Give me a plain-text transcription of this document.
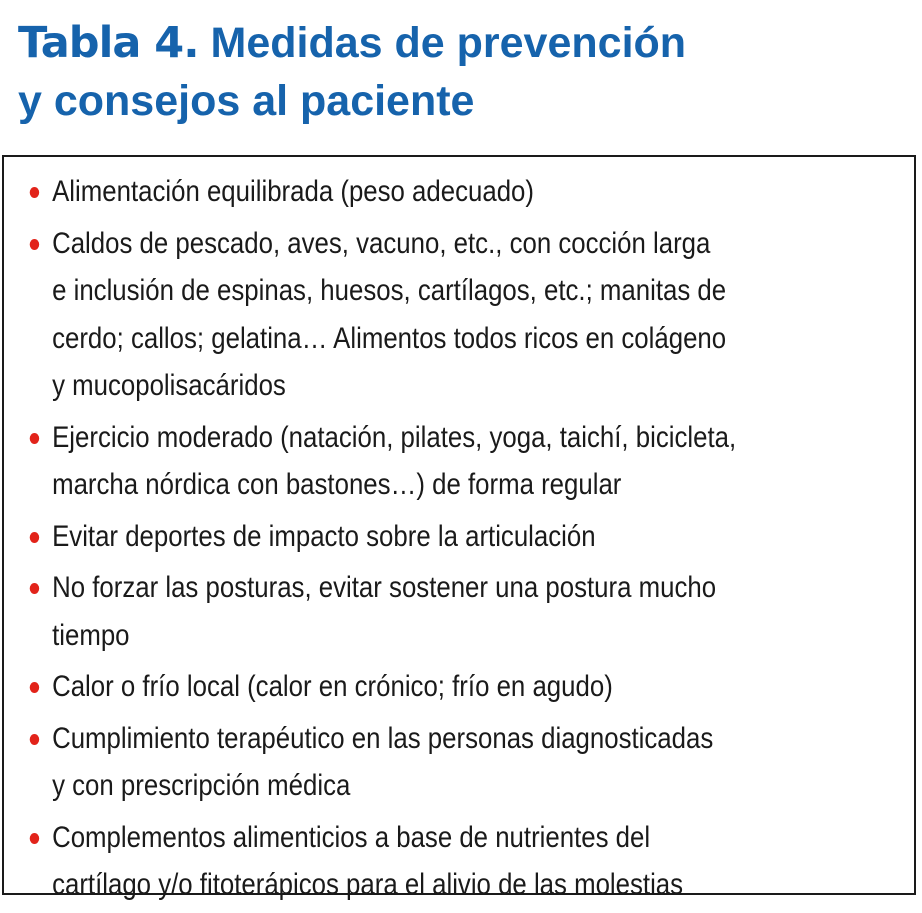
Tabla 4. Medidas de prevención
y consejos al paciente
Alimentación equilibrada (peso adecuado)
Caldos de pescado, aves, vacuno, etc., con cocción larga
e inclusión de espinas, huesos, cartílagos, etc.; manitas de
cerdo; callos; gelatina… Alimentos todos ricos en colágeno
y mucopolisacáridos
Ejercicio moderado (natación, pilates, yoga, taichí, bicicleta,
marcha nórdica con bastones…) de forma regular
Evitar deportes de impacto sobre la articulación
No forzar las posturas, evitar sostener una postura mucho
tiempo
Calor o frío local (calor en crónico; frío en agudo)
Cumplimiento terapéutico en las personas diagnosticadas
y con prescripción médica
Complementos alimenticios a base de nutrientes del
cartílago y/o fitoterápicos para el alivio de las molestias
